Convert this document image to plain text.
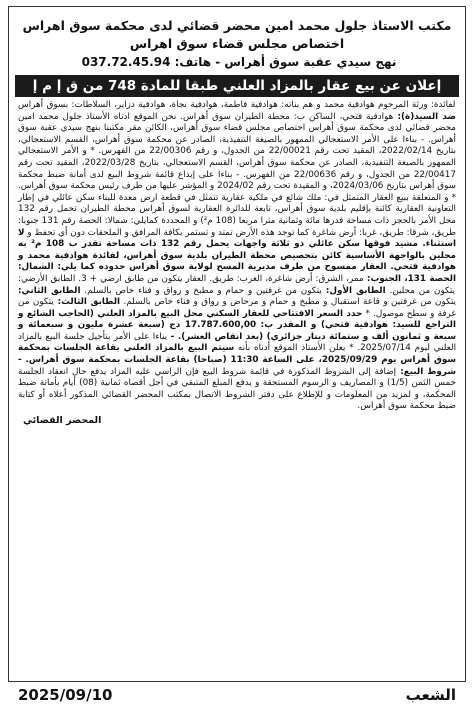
مكتب الاستاذ جلول محمد امين محضر قضائي لدى محكمة سوق اهراس
اختصاص مجلس قضاء سوق اهراس
نهج سيدي عقبة سوق أهراس - هاتف: 037.72.45.94
إعلان عن بيع عقار بالمزاد العلني طبقا للمادة 748 من ق إ م إ
لفائدة: ورثة المرحوم هوادفية محمد و هم بناته: هوادفية فاطمة، هوادفية نجاة، هوادفية دزاير، السلاطات: بسوق أهراس ضد السيد(ة): هوادفية فتحي، الساكن ب: محطة الطيران سوق أهراس. نحن الموقع ادناه الأستاذ جلول محمد امين محضر قضائي لدى محكمة سوق أهراس اختصاص مجلس قضاء سوق أهراس، الكائن مقر مكتبنا بنهج سيدي عقبة سوق أهراس. - بناءا على الأمر الاستعجالي الممهور بالصيغة التنفيذية، الصادر عن محكمة سوق أهراس، القسم الاستعجالي، بتاريخ 2022/02/14، المقيد تحت رقم 22/00021 من الجدول، و رقم 22/00306 من الفهرس. * و الأمر الاستعجالي الممهور بالصيغة التنفيذية، الصادر عن محكمة سوق أهراس، القسم الاستعجالي، بتاريخ 2022/03/28، المقيد تحت رقم 22/00417 من الجدول، و رقم 22/00636 من الفهرس. - بناءا على إيداع قائمة شروط البيع لدى أمانة ضبط محكمة سوق أهراس بتاريخ 2024/03/06، و المقيدة تحت رقم 2024/02 و المؤشر عليها من طرف رئيس محكمة سوق أهراس. * و المتعلقة ببيع العقار المتمثل في: ملك شائع في ملكية عقارية تتمثل في قطعة ارض معدة للبناء سكن عائلي في إطار التعاونية العقارية كائنة بإقليم بلدية سوق أهراس، تابعة للدائرة العقارية لسوق أهراس محطة الطيران تحمل رقم 132 محل الأمر بالحجز ذات مساحة قدرها مائة وثمانية مترا مربعا (108 م²) و المحددة كمايلي: شمالا: الحصة رقم 131 جنوبا: طريق، شرقا: طريق، غربا: أرض شاغرة كما توجد هذه الأرض تمتد و تستمر بكافة المرافق و الملحقات دون أي تحفظ و لا استثناء. مشيد فوقها سكن عائلي ذو ثلاثة واجهات يحمل رقم 132 ذات مساحة تقدر ب 108 م² به محلين بالواجهة الأساسية كائن بتحصيص محطة الطيران بلدية سوق أهراس، لفائدة هوادفية محمد و هوادفية فتحي. العقار ممسوح من طرف مديرية المسح لولاية سوق أهراس حدوده كما يلي: الشمال: الحصة 131، الجنوب: ممر، الشرق: أرض شاغرة، الغرب: طريق. العقار يتكون من طابق ارضي + 3. الطابق الأرضي: يتكون من محلين. الطابق الأول: يتكون من غرفتين و حمام و مطبخ و رواق و فناء خاص بالسلم. الطابق الثاني: يتكون من غرفتين و قاعة استقبال و مطبخ و حمام و مرحاض و رواق و فناء خاص بالسلم. الطابق الثالث: يتكون من غرفة و سطح موصول. * حدد السعر الافتتاحي للعقار السكني محل البيع بالمزاد العلني (الحاجب الشائع و التراجع للسيد: هوادفية فتحي) و المقدر ب: 17.787.600,00 دج (سبعة عشرة مليون و سبعمائة و سبعة و ثمانون ألف و ستمائة دينار جزائري) (بعد انقاص العشر). - بناءا على الأمر بتأجيل جلسة البيع بالمزاد العلني ليوم 2025/07/14. * يعلن الأستاذ الموقع أدناه بأنه سيتم البيع بالمزاد العلني بقاعة الجلسات بمحكمة سوق أهراس يوم 2025/09/29، على الساعة 11:30 (صباحا) بقاعة الجلسات بمحكمة سوق أهراس. - شروط البيع: إضافة إلى الشروط المذكورة في قائمة شروط البيع فإن الراسي عليه المزاد يدفع حال انعقاد الجلسة خمس الثمن (1/5) و المصاريف و الرسوم المستحقة و يدفع المبلغ المتبقي في أجل أقصاه ثمانية (08) أيام بأمانة ضبط المحكمة، و لمزيد من المعلومات و للإطلاع على دفتر الشروط الاتصال بمكتب المحضر القضائي المذكور أعلاه أو كتابة ضبط محكمة سوق أهراس.
المحضر القضائي
2025/09/10	الشعب
